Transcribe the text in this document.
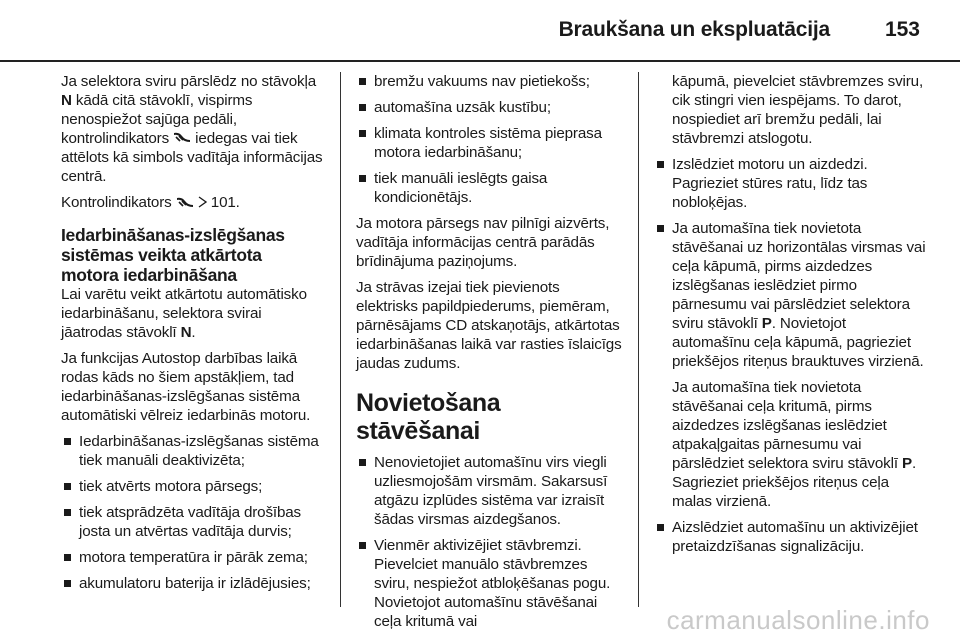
Braukšana un ekspluatācija	153

Ja selektora sviru pārslēdz no stāvokļa N kādā citā stāvoklī, vispirms nenospiežot sajūga pedāli, kontrolindikators  iedegas vai tiek attēlots kā simbols vadītāja informācijas centrā.

Kontrolindikators   101.

Iedarbināšanas-izslēgšanas sistēmas veikta atkārtota motora iedarbināšana

Lai varētu veikt atkārtotu automātisko iedarbināšanu, selektora svirai jāatrodas stāvoklī N.

Ja funkcijas Autostop darbības laikā rodas kāds no šiem apstākļiem, tad iedarbināšanas-izslēgšanas sistēma automātiski vēlreiz iedarbinās motoru.

Iedarbināšanas-izslēgšanas sistēma tiek manuāli deaktivizēta;
tiek atvērts motora pārsegs;
tiek atsprādzēta vadītāja drošības josta un atvērtas vadītāja durvis;
motora temperatūra ir pārāk zema;
akumulatoru baterija ir izlādējusies;
bremžu vakuums nav pietiekošs;
automašīna uzsāk kustību;
klimata kontroles sistēma pieprasa motora iedarbināšanu;
tiek manuāli ieslēgts gaisa kondicionētājs.

Ja motora pārsegs nav pilnīgi aizvērts, vadītāja informācijas centrā parādās brīdinājuma paziņojums.

Ja strāvas izejai tiek pievienots elektrisks papildpiederums, piemēram, pārnēsājams CD atskaņotājs, atkārtotas iedarbināšanas laikā var rasties īslaicīgs jaudas zudums.

Novietošana stāvēšanai
Nenovietojiet automašīnu virs viegli uzliesmojošām virsmām. Sakarsusī atgāzu izplūdes sistēma var izraisīt šādas virsmas aizdegšanos.
Vienmēr aktivizējiet stāvbremzi. Pievelciet manuālo stāvbremzes sviru, nespiežot atbloķēšanas pogu. Novietojot automašīnu stāvēšanai ceļa kritumā vai
kāpumā, pievelciet stāvbremzes sviru, cik stingri vien iespējams. To darot, nospiediet arī bremžu pedāli, lai stāvbremzi atslogotu.
Izslēdziet motoru un aizdedzi. Pagrieziet stūres ratu, līdz tas nobloķējas.
Ja automašīna tiek novietota stāvēšanai uz horizontālas virsmas vai ceļa kāpumā, pirms aizdedzes izslēgšanas ieslēdziet pirmo pārnesumu vai pārslēdziet selektora sviru stāvoklī P. Novietojot automašīnu ceļa kāpumā, pagrieziet priekšējos riteņus brauktuves virzienā.
Ja automašīna tiek novietota stāvēšanai ceļa kritumā, pirms aizdedzes izslēgšanas ieslēdziet atpakaļgaitas pārnesumu vai pārslēdziet selektora sviru stāvoklī P. Sagrieziet priekšējos riteņus ceļa malas virzienā.
Aizslēdziet automašīnu un aktivizējiet pretaizdzīšanas signalizāciju.
carmanualsonline.info
